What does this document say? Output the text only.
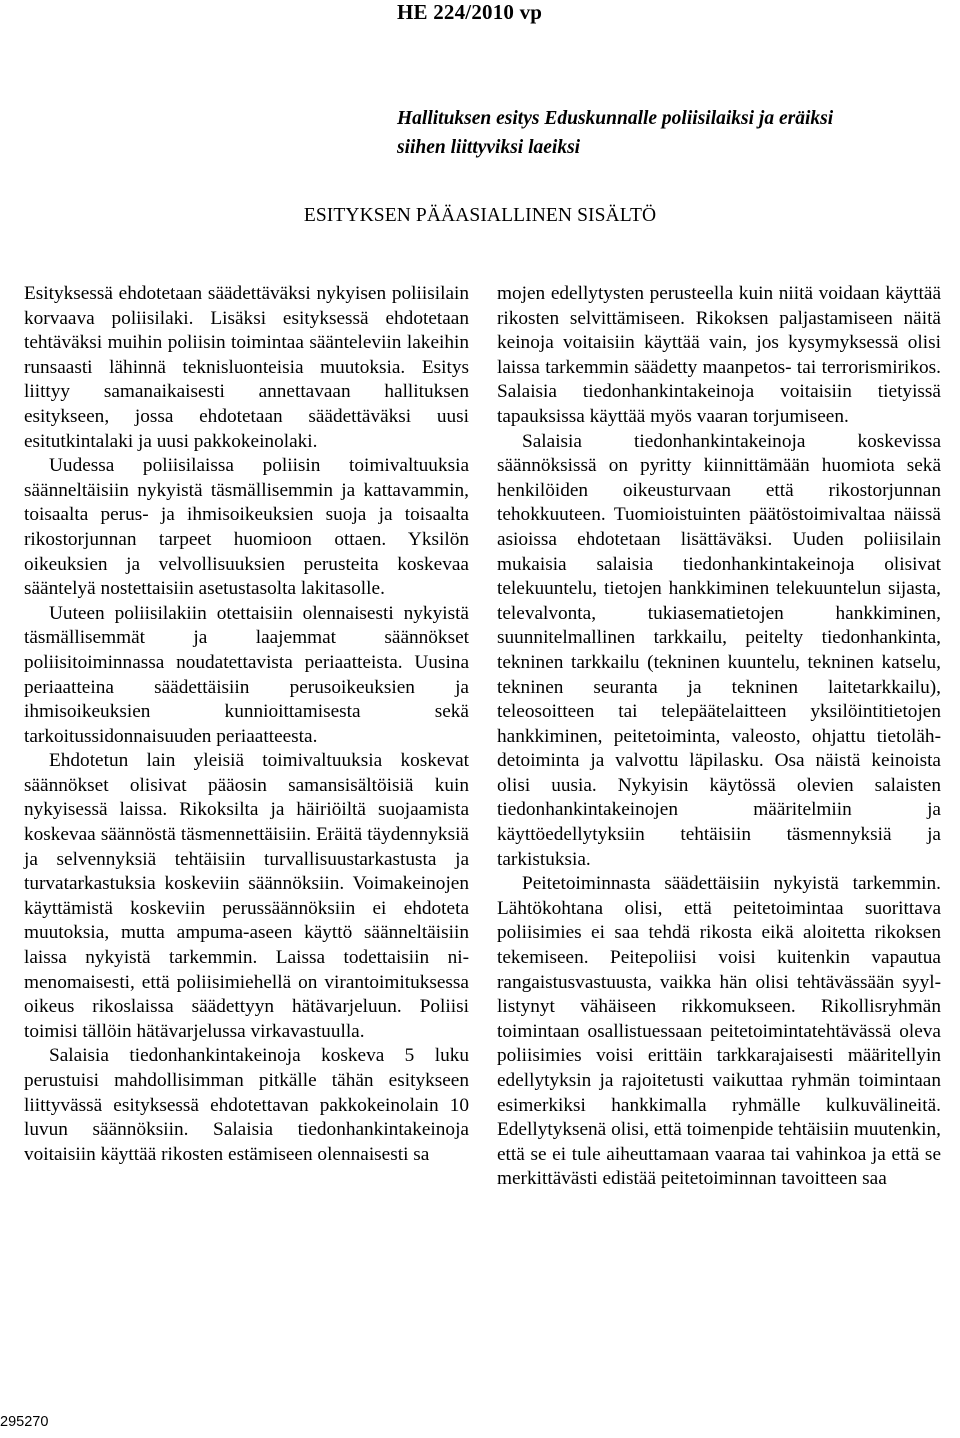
HE 224/2010 vp
Hallituksen esitys Eduskunnalle poliisilaiksi ja eräiksi
siihen liittyviksi laeiksi
ESITYKSEN PÄÄASIALLINEN SISÄLTÖ

Esityksessä ehdotetaan säädettäväksi nykyisen poliisilain korvaava poliisilaki. Lisäksi esityksessä ehdotetaan tehtäväksi muihin poliisin toimintaa säänteleviin lakeihin runsaasti lähinnä teknisluonteisia muutoksia. Esitys liittyy samanaikaisesti annettavaan hallituksen esitykseen, jossa ehdotetaan säädettäväksi uusi esitutkintalaki ja uusi pakkokeinolaki.

Uudessa poliisilaissa poliisin toimivaltuuksia säänneltäisiin nykyistä täsmällisemmin ja kattavammin, toisaalta perus- ja ihmisoikeuksien suoja ja toisaalta rikostorjunnan tarpeet huomioon ottaen. Yksilön oikeuksien ja velvollisuuksien perusteita koskevaa sääntelyä nostettaisiin asetustasolta lakitasolle.

Uuteen poliisilakiin otettaisiin olennaisesti nykyistä täsmällisemmät ja laajemmat säännökset poliisitoiminnassa noudatettavista periaatteista. Uusina periaatteina säädettäisiin perusoikeuksien ja ihmisoikeuksien kunnioittamisesta sekä tarkoitussidonnaisuuden periaatteesta.

Ehdotetun lain yleisiä toimivaltuuksia koskevat säännökset olisivat pääosin samansisältöisiä kuin nykyisessä laissa. Rikoksilta ja häiriöiltä suojaamista koskevaa säännöstä täsmennettäisiin. Eräitä täydennyksiä ja selvennyksiä tehtäisiin turvallisuustarkastusta ja turvatarkastuksia koskeviin säännöksiin. Voimakeinojen käyttämistä koskeviin perussäännöksiin ei ehdoteta muutoksia, mutta ampuma-aseen käyttö säänneltäisiin laissa nykyistä tarkemmin. Laissa todettaisiin nimenomaisesti, että poliisimiehellä on virantoimituksessa oikeus rikoslaissa säädettyyn hätävarjeluun. Poliisi toimisi tällöin hätävarjelussa virkavastuulla.

Salaisia tiedonhankintakeinoja koskeva 5 luku perustuisi mahdollisimman pitkälle tähän esitykseen liittyvässä esityksessä ehdotettavan pakkokeinolain 10 luvun säännöksiin. Salaisia tiedonhankintakeinoja voitaisiin käyttää rikosten estämiseen olennaisesti sa

mojen edellytysten perusteella kuin niitä voidaan käyttää rikosten selvittämiseen. Rikoksen paljastamiseen näitä keinoja voitaisiin käyttää vain, jos kysymyksessä olisi laissa tarkemmin säädetty maanpetos- tai terrorismirikos. Salaisia tiedonhankintakeinoja voitaisiin tietyissä tapauksissa käyttää myös vaaran torjumiseen.

Salaisia tiedonhankintakeinoja koskevissa säännöksissä on pyritty kiinnittämään huomiota sekä henkilöiden oikeusturvaan että rikostorjunnan tehokkuuteen. Tuomioistuinten päätöstoimivaltaa näissä asioissa ehdotetaan lisättäväksi. Uuden poliisilain mukaisia salaisia tiedonhankintakeinoja olisivat telekuuntelu, tietojen hankkiminen telekuuntelun sijasta, televalvonta, tukiasematietojen hankkiminen, suunnitelmallinen tarkkailu, peitelty tiedonhankinta, tekninen tarkkailu (tekninen kuuntelu, tekninen katselu, tekninen seuranta ja tekninen laitetarkkailu), teleosoitteen tai telepäätelaitteen yksilöintitietojen hankkiminen, peitetoiminta, valeosto, ohjattu tietolähdetoiminta ja valvottu läpilasku. Osa näistä keinoista olisi uusia. Nykyisin käytössä olevien salaisten tiedonhankintakeinojen määritelmiin ja käyttöedellytyksiin tehtäisiin täsmennyksiä ja tarkistuksia.

Peitetoiminnasta säädettäisiin nykyistä tarkemmin. Lähtökohtana olisi, että peitetoimintaa suorittava poliisimies ei saa tehdä rikosta eikä aloitetta rikoksen tekemiseen. Peitepoliisi voisi kuitenkin vapautua rangaistusvastuusta, vaikka hän olisi tehtävässään syyllistynyt vähäiseen rikkomukseen. Rikollisryhmän toimintaan osallistuessaan peitetoimintatehtävässä oleva poliisimies voisi erittäin tarkkarajaisesti määritellyin edellytyksin ja rajoitetusti vaikuttaa ryhmän toimintaan esimerkiksi hankkimalla ryhmälle kulkuvälineitä. Edellytyksenä olisi, että toimenpide tehtäisiin muutenkin, että se ei tule aiheuttamaan vaaraa tai vahinkoa ja että se merkittävästi edistää peitetoiminnan tavoitteen saa

295270
